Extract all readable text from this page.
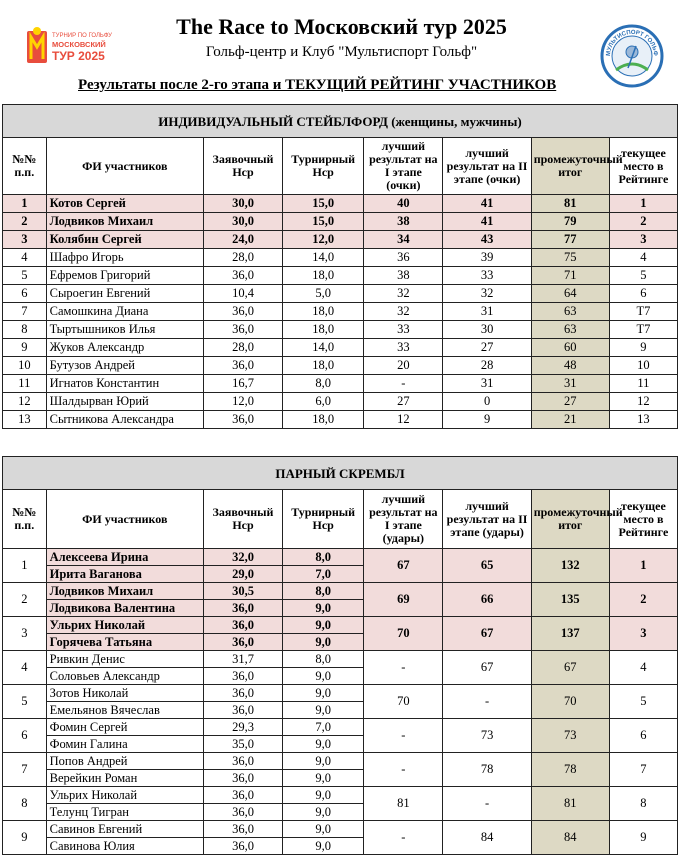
ТУРНИР ПО ГОЛЬФУ
МОСКОВСКИЙ
ТУР 2025
The Race to Московский тур 2025
Гольф-центр и Клуб "Мультиспорт Гольф"
Результаты после 2-го этапа и ТЕКУЩИЙ РЕЙТИНГ УЧАСТНИКОВ
МУЛЬТИСПОРТ ГОЛЬФ
ИНДИВИДУАЛЬНЫЙ СТЕЙБЛФОРД (женщины, мужчины)							
№№ п.п.	ФИ участников	Заявочный Hcp	Турнирный Hcp	лучший результат на I этапе (очки)	лучший результат на II этапе (очки)	промежуточный итог	текущее место в Рейтинге
1	Котов Сергей	30,0	15,0	40	41	81	1
2	Лодвиков Михаил	30,0	15,0	38	41	79	2
3	Колябин Сергей	24,0	12,0	34	43	77	3
4	Шафро Игорь	28,0	14,0	36	39	75	4
5	Ефремов Григорий	36,0	18,0	38	33	71	5
6	Сыроегин Евгений	10,4	5,0	32	32	64	6
7	Самошкина Диана	36,0	18,0	32	31	63	T7
8	Тыртышников Илья	36,0	18,0	33	30	63	T7
9	Жуков Александр	28,0	14,0	33	27	60	9
10	Бутузов Андрей	36,0	18,0	20	28	48	10
11	Игнатов Константин	16,7	8,0	-	31	31	11
12	Шалдырван Юрий	12,0	6,0	27	0	27	12
13	Сытникова Александра	36,0	18,0	12	9	21	13
ПАРНЫЙ СКРЕМБЛ							
№№ п.п.	ФИ участников	Заявочный Hcp	Турнирный Hcp	лучший результат на I этапе (удары)	лучший результат на II этапе (удары)	промежуточный итог	текущее место в Рейтинге
1	Алексеева Ирина	32,0	8,0	67	65	132	1
	Ирита Ваганова	29,0	7,0				
2	Лодвиков Михаил	30,5	8,0	69	66	135	2
	Лодвикова Валентина	36,0	9,0				
3	Ульрих Николай	36,0	9,0	70	67	137	3
	Горячева Татьяна	36,0	9,0				
4	Ривкин Денис	31,7	8,0	-	67	67	4
	Соловьев Александр	36,0	9,0				
5	Зотов Николай	36,0	9,0	70	-	70	5
	Емельянов Вячеслав	36,0	9,0				
6	Фомин Сергей	29,3	7,0	-	73	73	6
	Фомин Галина	35,0	9,0				
7	Попов Андрей	36,0	9,0	-	78	78	7
	Верейкин Роман	36,0	9,0				
8	Ульрих Николай	36,0	9,0	81	-	81	8
	Телунц Тигран	36,0	9,0				
9	Савинов Евгений	36,0	9,0	-	84	84	9
	Савинова Юлия	36,0	9,0				
